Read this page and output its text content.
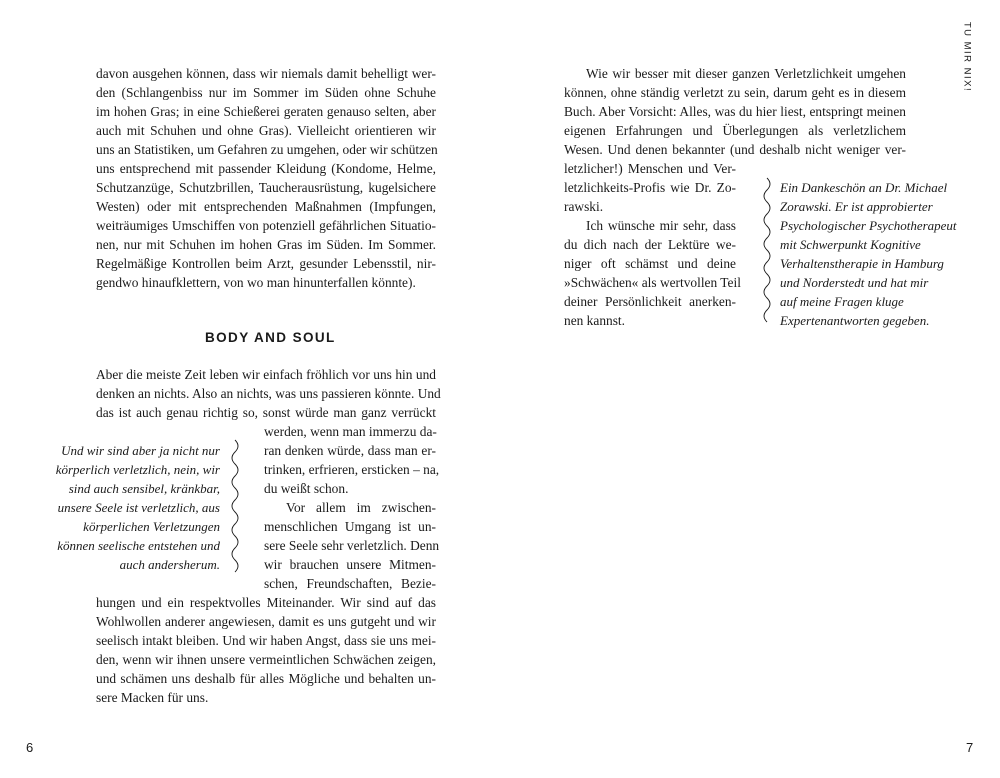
TU MIR NIX!
davon ausgehen können, dass wir niemals damit behelligt wer-
den (Schlangenbiss nur im Sommer im Süden ohne Schuhe
im hohen Gras; in eine Schießerei geraten genauso selten, aber
auch mit Schuhen und ohne Gras). Vielleicht orientieren wir
uns an Statistiken, um Gefahren zu umgehen, oder wir schützen
uns entsprechend mit passender Kleidung (Kondome, Helme,
Schutzanzüge, Schutzbrillen, Taucherausrüstung, kugelsichere
Westen) oder mit entsprechenden Maßnahmen (Impfungen,
weiträumiges Umschiffen von potenziell gefährlichen Situatio-
nen, nur mit Schuhen im hohen Gras im Süden. Im Sommer.
Regelmäßige Kontrollen beim Arzt, gesunder Lebensstil, nir-
gendwo hinaufklettern, von wo man hinunterfallen könnte).
BODY AND SOUL
Aber die meiste Zeit leben wir einfach fröhlich vor uns hin und
denken an nichts. Also an nichts, was uns passieren könnte. Und
das ist auch genau richtig so, sonst würde man ganz verrückt
werden, wenn man immerzu da-
ran denken würde, dass man er-
trinken, erfrieren, ersticken – na,
du weißt schon.
Vor allem im zwischen-
menschlichen Umgang ist un-
sere Seele sehr verletzlich. Denn
wir brauchen unsere Mitmen-
schen, Freundschaften, Bezie-
hungen und ein respektvolles Miteinander. Wir sind auf das
Wohlwollen anderer angewiesen, damit es uns gutgeht und wir
seelisch intakt bleiben. Und wir haben Angst, dass sie uns mei-
den, wenn wir ihnen unsere vermeintlichen Schwächen zeigen,
und schämen uns deshalb für alles Mögliche und behalten un-
sere Macken für uns.
Und wir sind aber ja nicht nur
körperlich verletzlich, nein, wir
sind auch sensibel, kränkbar,
unsere Seele ist verletzlich, aus
körperlichen Verletzungen
können seelische entstehen und
auch andersherum.
6
Wie wir besser mit dieser ganzen Verletzlichkeit umgehen
können, ohne ständig verletzt zu sein, darum geht es in diesem
Buch. Aber Vorsicht: Alles, was du hier liest, entspringt meinen
eigenen Erfahrungen und Überlegungen als verletzlichem
Wesen. Und denen bekannter (und deshalb nicht weniger ver-
letzlicher!) Menschen und Ver-
letzlichkeits-Profis wie Dr. Zo-
rawski.
Ich wünsche mir sehr, dass
du dich nach der Lektüre we-
niger oft schämst und deine
»Schwächen« als wertvollen Teil
deiner Persönlichkeit anerken-
nen kannst.
Ein Dankeschön an Dr. Michael
Zorawski. Er ist approbierter
Psychologischer Psychotherapeut
mit Schwerpunkt Kognitive
Verhaltenstherapie in Hamburg
und Norderstedt und hat mir
auf meine Fragen kluge
Expertenantworten gegeben.
7
